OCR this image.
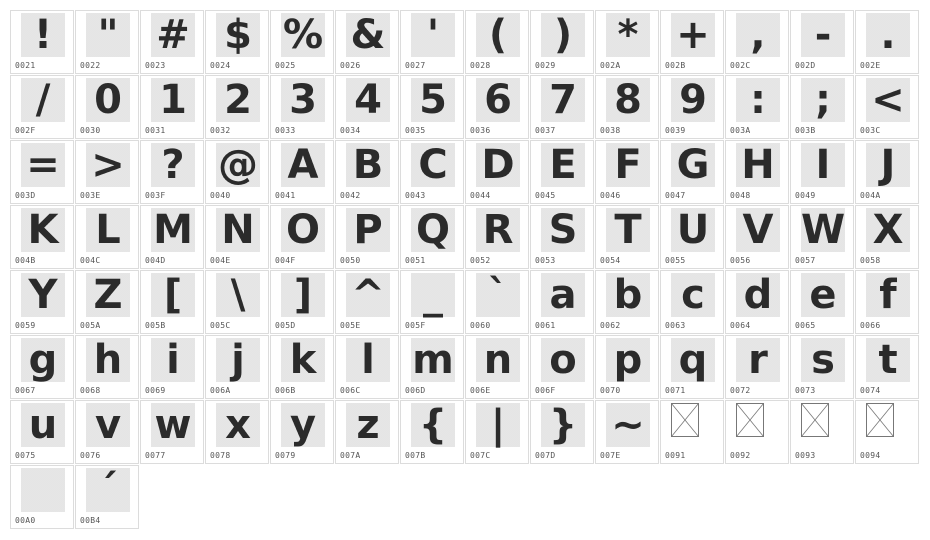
!
0021
"
0022
#
0023
$
0024
%
0025
&
0026
'
0027
(
0028
)
0029
*
002A
+
002B
,
002C
-
002D
.
002E
/
002F
0
0030
1
0031
2
0032
3
0033
4
0034
5
0035
6
0036
7
0037
8
0038
9
0039
:
003A
;
003B
<
003C
=
003D
>
003E
?
003F
@
0040
A
0041
B
0042
C
0043
D
0044
E
0045
F
0046
G
0047
H
0048
I
0049
J
004A
K
004B
L
004C
M
004D
N
004E
O
004F
P
0050
Q
0051
R
0052
S
0053
T
0054
U
0055
V
0056
W
0057
X
0058
Y
0059
Z
005A
[
005B
\
005C
]
005D
^
005E
_
005F
`
0060
a
0061
b
0062
c
0063
d
0064
e
0065
f
0066
g
0067
h
0068
i
0069
j
006A
k
006B
l
006C
m
006D
n
006E
o
006F
p
0070
q
0071
r
0072
s
0073
t
0074
u
0075
v
0076
w
0077
x
0078
y
0079
z
007A
{
007B
|
007C
}
007D
~
007E	0091	0092	0093	0094
00A0
´
00B4
